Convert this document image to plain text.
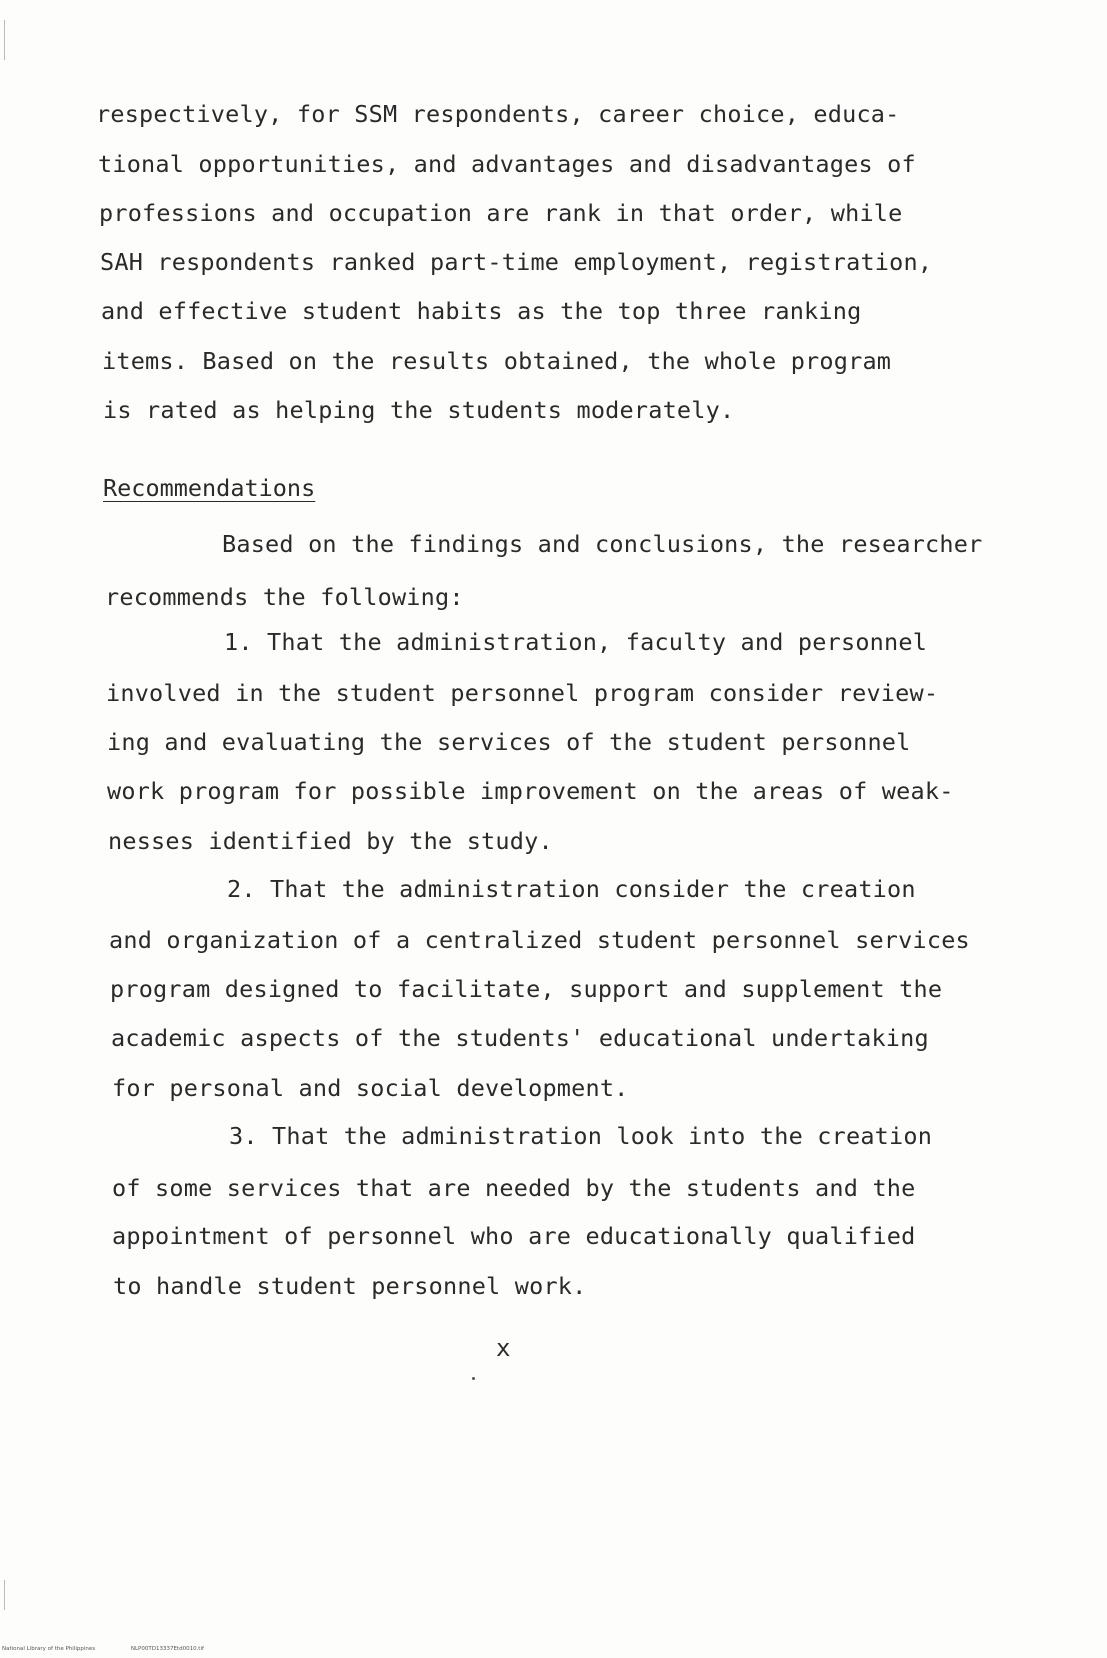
respectively, for SSM respondents, career choice, educa-
tional opportunities, and advantages and disadvantages of
professions and occupation are rank in that order, while
SAH respondents ranked part-time employment, registration,
and effective student habits as the top three ranking
items. Based on the results obtained, the whole program
is rated as helping the students moderately.
Recommendations
Based on the findings and conclusions, the researcher
recommends the following:
1. That the administration, faculty and personnel
involved in the student personnel program consider review-
ing and evaluating the services of the student personnel
work program for possible improvement on the areas of weak-
nesses identified by the study.
2. That the administration consider the creation
and organization of a centralized student personnel services
program designed to facilitate, support and supplement the
academic aspects of the students' educational undertaking
for personal and social development.
3. That the administration look into the creation
of some services that are needed by the students and the
appointment of personnel who are educationally qualified
to handle student personnel work.
x
National Library of the Philippines	NLP00TD13337Etd0010.tif
